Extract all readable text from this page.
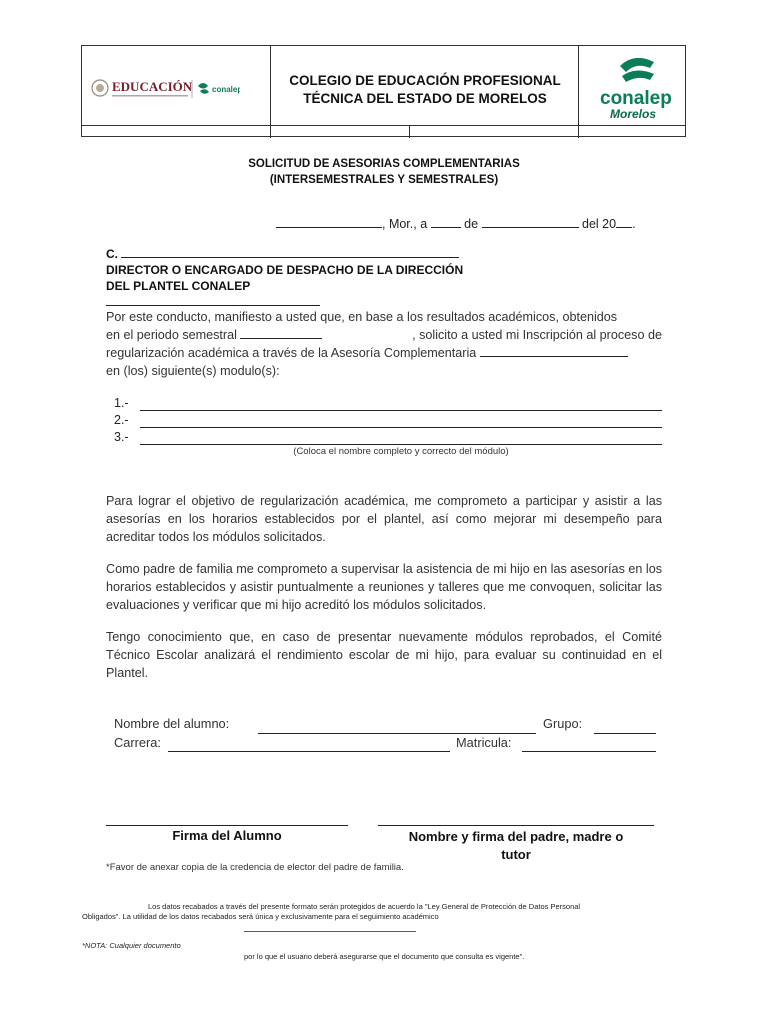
EDUCACIÓN conalep
COLEGIO DE EDUCACIÓN PROFESIONAL
TÉCNICA DEL ESTADO DE MORELOS	conalep
Morelos
SOLICITUD DE ASESORIAS COMPLEMENTARIAS
(INTERSEMESTRALES Y SEMESTRALES)
, Mor., a	de	del 20 .
C.
DIRECTOR O ENCARGADO DE DESPACHO DE LA DIRECCIÓN
DEL PLANTEL CONALEP
Por este conducto, manifiesto a usted que, en base a los resultados académicos, obtenidos
en el periodo semestral	, solicito a usted mi Inscripción al proceso de
regularización académica a través de la Asesoría Complementaria
en (los) siguiente(s) modulo(s):
1.-
2.-
3.-
(Coloca el nombre completo y correcto del módulo)
Para lograr el objetivo de regularización académica, me comprometo a participar y asistir a las asesorías en los horarios establecidos por el plantel, así como mejorar mi desempeño para acreditar todos los módulos solicitados.
Como padre de familia me comprometo a supervisar la asistencia de mi hijo en las asesorías en los horarios establecidos y asistir puntualmente a reuniones y talleres que me convoquen, solicitar las evaluaciones y verificar que mi hijo acreditó los módulos solicitados.
Tengo conocimiento que, en caso de presentar nuevamente módulos reprobados, el Comité Técnico Escolar analizará el rendimiento escolar de mi hijo, para evaluar su continuidad en el Plantel.
Nombre del alumno:	Grupo:
Carrera:	Matricula:
Firma del Alumno	Nombre y firma del padre, madre o
tutor
*Favor de anexar copia de la credencia de elector del padre de familia.
Los datos recabados a través del presente formato serán protegidos de acuerdo la "Ley General de Protección de Datos Personal
Obligados". La utilidad de los datos recabados será única y exclusivamente para el seguimiento académico
*NOTA: Cualquier documento
por lo que el usuario deberá asegurarse que el documento que consulta es vigente".
